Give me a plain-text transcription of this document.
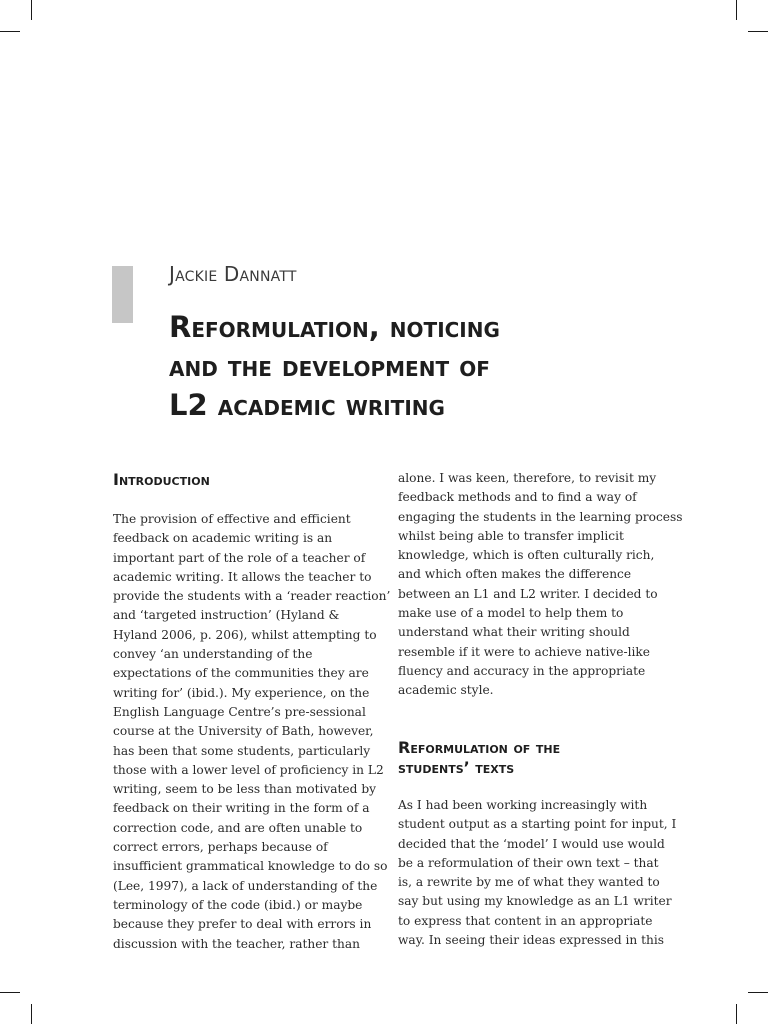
Jackie Dannatt
Reformulation, noticing
and the development of
L2 academic writing
Introduction
The provision of effective and efficient
feedback on academic writing is an
important part of the role of a teacher of
academic writing. It allows the teacher to
provide the students with a ‘reader reaction’
and ‘targeted instruction’ (Hyland &
Hyland 2006, p. 206), whilst attempting to
convey ‘an understanding of the
expectations of the communities they are
writing for’ (ibid.). My experience, on the
English Language Centre’s pre-sessional
course at the University of Bath, however,
has been that some students, particularly
those with a lower level of proficiency in L2
writing, seem to be less than motivated by
feedback on their writing in the form of a
correction code, and are often unable to
correct errors, perhaps because of
insufficient grammatical knowledge to do so
(Lee, 1997), a lack of understanding of the
terminology of the code (ibid.) or maybe
because they prefer to deal with errors in
discussion with the teacher, rather than
alone. I was keen, therefore, to revisit my
feedback methods and to find a way of
engaging the students in the learning process
whilst being able to transfer implicit
knowledge, which is often culturally rich,
and which often makes the difference
between an L1 and L2 writer. I decided to
make use of a model to help them to
understand what their writing should
resemble if it were to achieve native-like
fluency and accuracy in the appropriate
academic style.
Reformulation of the
students’ texts
As I had been working increasingly with
student output as a starting point for input, I
decided that the ‘model’ I would use would
be a reformulation of their own text – that
is, a rewrite by me of what they wanted to
say but using my knowledge as an L1 writer
to express that content in an appropriate
way. In seeing their ideas expressed in this
